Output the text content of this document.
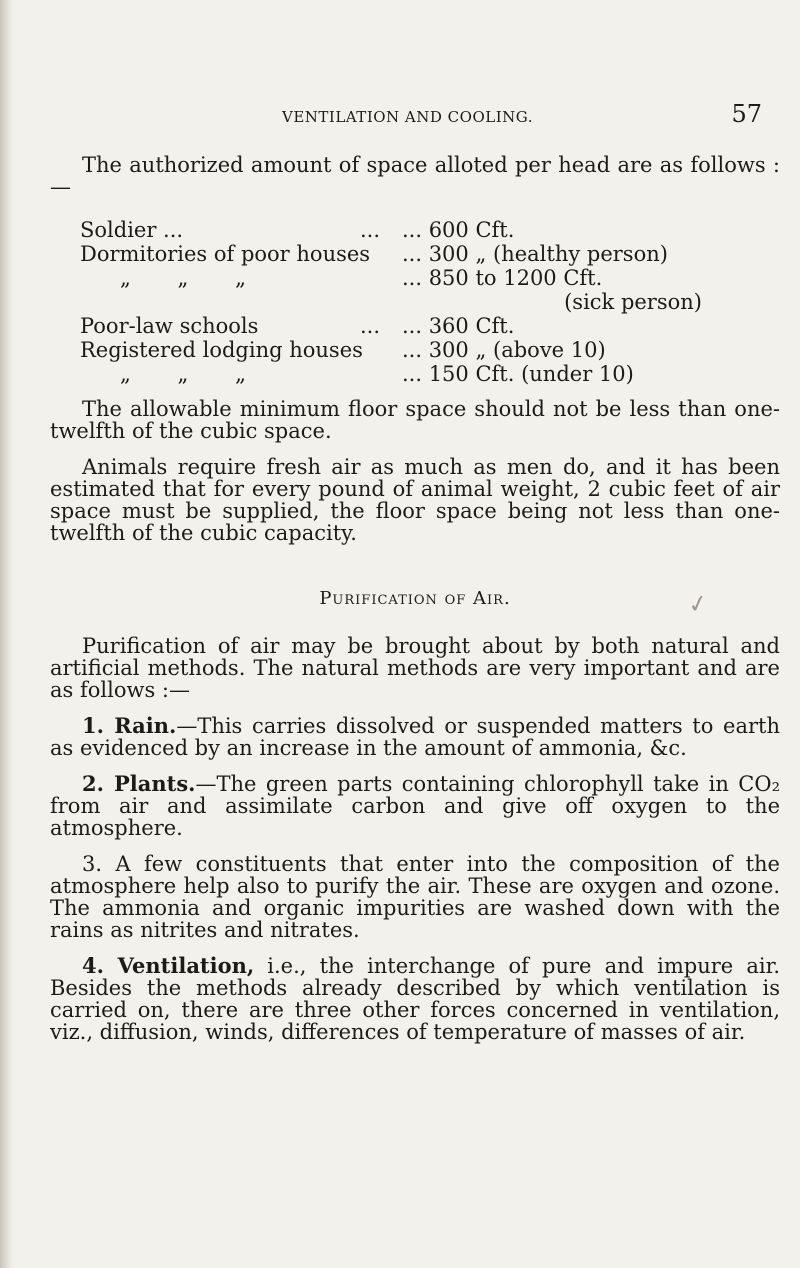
VENTILATION AND COOLING.	57

The authorized amount of space alloted per head are as follows :—

Soldier ...	...	... 600 Cft.
Dormitories of poor houses		... 300 „ (healthy person)
„ „ „		... 850 to 1200 Cft.
(sick person)

Poor-law schools	...	... 360 Cft.
Registered lodging houses		... 300 „ (above 10)
„ „ „		... 150 Cft. (under 10)

The allowable minimum floor space should not be less than one-twelfth of the cubic space.

Animals require fresh air as much as men do, and it has been estimated that for every pound of animal weight, 2 cubic feet of air space must be supplied, the floor space being not less than one-twelfth of the cubic capacity.

Purification of Air.

Purification of air may be brought about by both natural and artificial methods. The natural methods are very important and are as follows :—

1. Rain.—This carries dissolved or suspended matters to earth as evidenced by an increase in the amount of ammonia, &c.

2. Plants.—The green parts containing chlorophyll take in CO₂ from air and assimilate carbon and give off oxygen to the atmosphere.

3. A few constituents that enter into the composition of the atmosphere help also to purify the air. These are oxygen and ozone. The ammonia and organic impurities are washed down with the rains as nitrites and nitrates.

4. Ventilation, i.e., the interchange of pure and impure air. Besides the methods already described by which ventilation is carried on, there are three other forces concerned in ventilation, viz., diffusion, winds, differences of temperature of masses of air.

✓
